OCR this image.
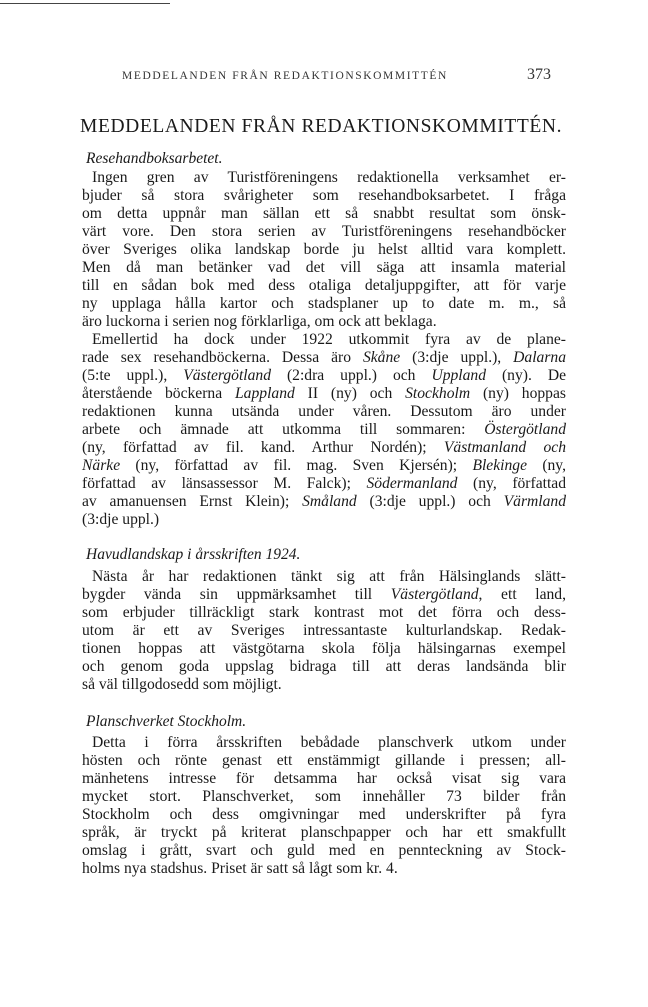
MEDDELANDEN FRÅN REDAKTIONSKOMMITTÉN	373
MEDDELANDEN FRÅN REDAKTIONSKOMMITTÉN.
Resehandboksarbetet.
Ingen gren av Turistföreningens redaktionella verksamhet er-
bjuder så stora svårigheter som resehandboksarbetet. I fråga
om detta uppnår man sällan ett så snabbt resultat som önsk-
värt vore. Den stora serien av Turistföreningens resehandböcker
över Sveriges olika landskap borde ju helst alltid vara komplett.
Men då man betänker vad det vill säga att insamla material
till en sådan bok med dess otaliga detaljuppgifter, att för varje
ny upplaga hålla kartor och stadsplaner up to date m. m., så
äro luckorna i serien nog förklarliga, om ock att beklaga.
Emellertid ha dock under 1922 utkommit fyra av de plane-
rade sex resehandböckerna. Dessa äro Skåne (3:dje uppl.), Dalarna
(5:te uppl.), Västergötland (2:dra uppl.) och Uppland (ny). De
återstående böckerna Lappland II (ny) och Stockholm (ny) hoppas
redaktionen kunna utsända under våren. Dessutom äro under
arbete och ämnade att utkomma till sommaren: Östergötland
(ny, författad av fil. kand. Arthur Nordén); Västmanland och
Närke (ny, författad av fil. mag. Sven Kjersén); Blekinge (ny,
författad av länsassessor M. Falck); Södermanland (ny, författad
av amanuensen Ernst Klein); Småland (3:dje uppl.) och Värmland
(3:dje uppl.)
Havudlandskap i årsskriften 1924.
Nästa år har redaktionen tänkt sig att från Hälsinglands slätt-
bygder vända sin uppmärksamhet till Västergötland, ett land,
som erbjuder tillräckligt stark kontrast mot det förra och dess-
utom är ett av Sveriges intressantaste kulturlandskap. Redak-
tionen hoppas att västgötarna skola följa hälsingarnas exempel
och genom goda uppslag bidraga till att deras landsända blir
så väl tillgodosedd som möjligt.
Planschverket Stockholm.
Detta i förra årsskriften bebådade planschverk utkom under
hösten och rönte genast ett enstämmigt gillande i pressen; all-
mänhetens intresse för detsamma har också visat sig vara
mycket stort. Planschverket, som innehåller 73 bilder från
Stockholm och dess omgivningar med underskrifter på fyra
språk, är tryckt på kriterat planschpapper och har ett smakfullt
omslag i grått, svart och guld med en pennteckning av Stock-
holms nya stadshus. Priset är satt så lågt som kr. 4.
